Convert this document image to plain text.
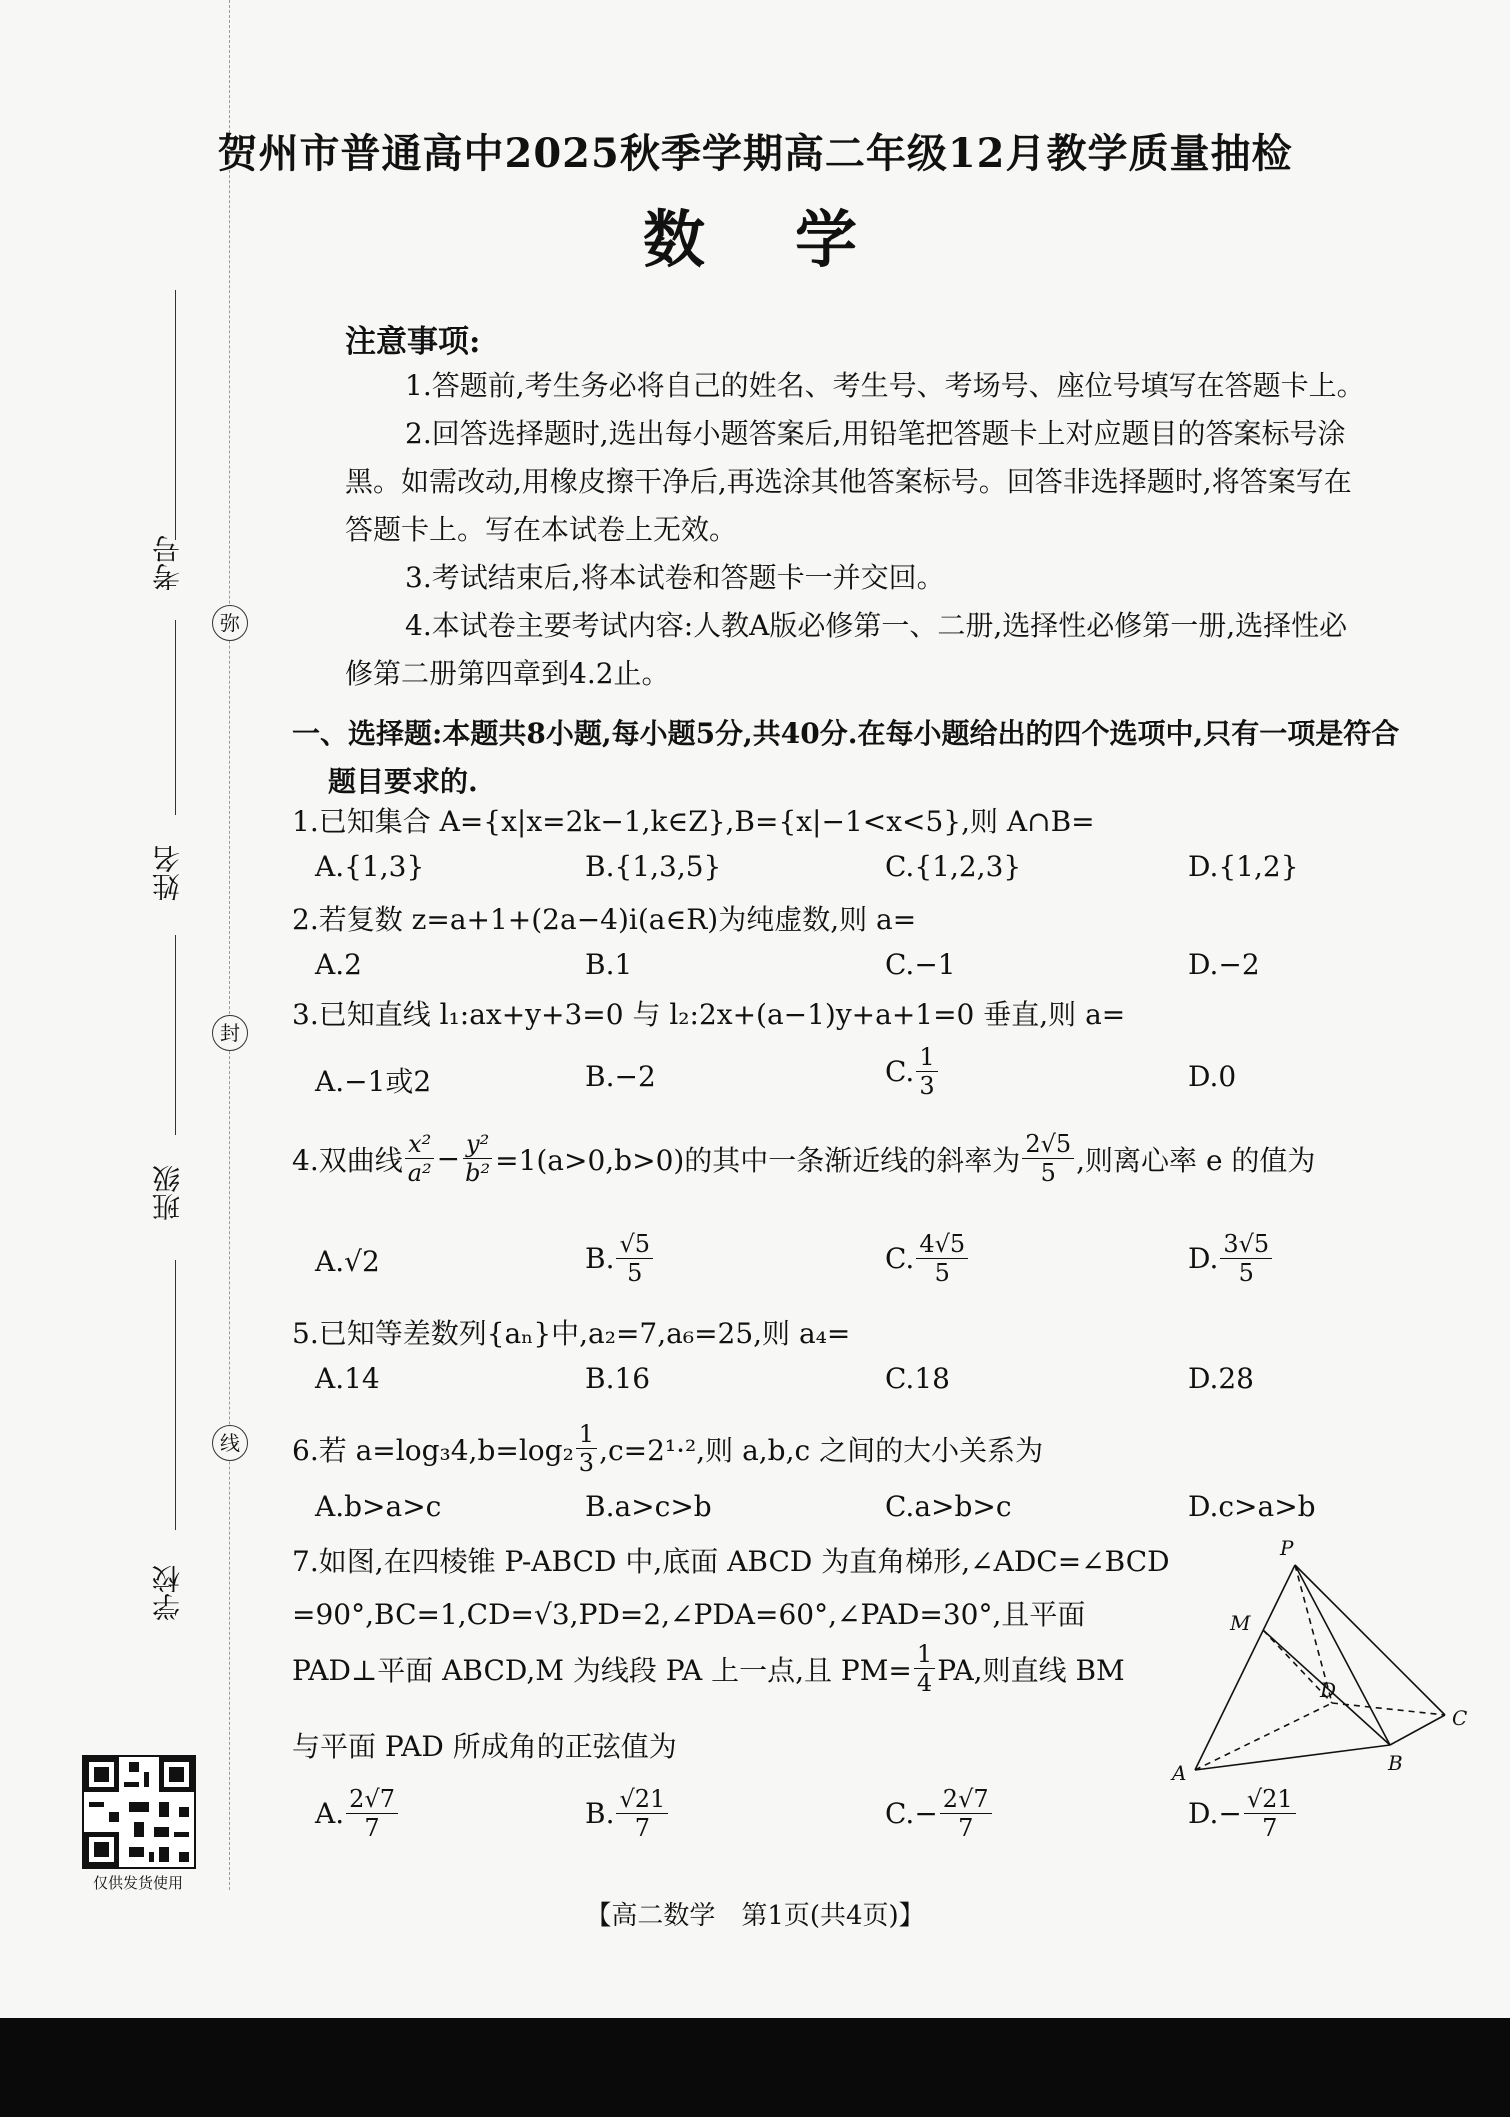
考号
姓名
班级
学校
弥
封
线
仅供发货使用
贺州市普通高中2025秋季学期高二年级12月教学质量抽检
数学
注意事项:
1.答题前,考生务必将自己的姓名、考生号、考场号、座位号填写在答题卡上。
2.回答选择题时,选出每小题答案后,用铅笔把答题卡上对应题目的答案标号涂
黑。如需改动,用橡皮擦干净后,再选涂其他答案标号。回答非选择题时,将答案写在
答题卡上。写在本试卷上无效。
3.考试结束后,将本试卷和答题卡一并交回。
4.本试卷主要考试内容:人教A版必修第一、二册,选择性必修第一册,选择性必
修第二册第四章到4.2止。
一、选择题:本题共8小题,每小题5分,共40分.在每小题给出的四个选项中,只有一项是符合
题目要求的.
1.已知集合 A={x|x=2k−1,k∈Z},B={x|−1<x<5},则 A∩B=
A.{1,3}	B.{1,3,5}	C.{1,2,3}	D.{1,2}
2.若复数 z=a+1+(2a−4)i(a∈R)为纯虚数,则 a=
A.2	B.1	C.−1	D.−2
3.已知直线 l₁:ax+y+3=0 与 l₂:2x+(a−1)y+a+1=0 垂直,则 a=
A.−1或2	B.−2	C. $\frac{1}{3}$	D.0
4.双曲线 $\frac{\text{x²}}{\text{a²}} - \frac{\text{y²}}{\text{b²}} =1(a>0,b>0)$的其中一条渐近线的斜率为 $\frac{2√5}{5}$ ,则离心率 e 的值为
A.√2	B. $\frac{√5}{5}$	C. $\frac{4√5}{5}$	D. $\frac{3√5}{5}$
5.已知等差数列{aₙ}中,a₂=7,a₆=25,则 a₄=
A.14	B.16	C.18	D.28
6.若 $a=\log_34,b=\log_2 \frac{1}{3} ,c=2^1\cdot^2$,则 a,b,c 之间的大小关系为
A.b>a>c	B.a>c>b	C.a>b>c	D.c>a>b
7.如图,在四棱锥 P-ABCD 中,底面 ABCD 为直角梯形,∠ADC=∠BCD
=90°,BC=1,CD=√3,PD=2,∠PDA=60°,∠PAD=30°,且平面
PAD⊥平面 ABCD,M 为线段 PA 上一点,且 $PM= \frac{1}{4}$ PA,则直线 BM
与平面 PAD 所成角的正弦值为
A. $\frac{2√7}{7}$	B. $\frac{√21}{7}$	$C.- \frac{2√7}{7}$	$D.- \frac{√21}{7}$
P
M
D
C
A	B
【高二数学　第1页(共4页)】
